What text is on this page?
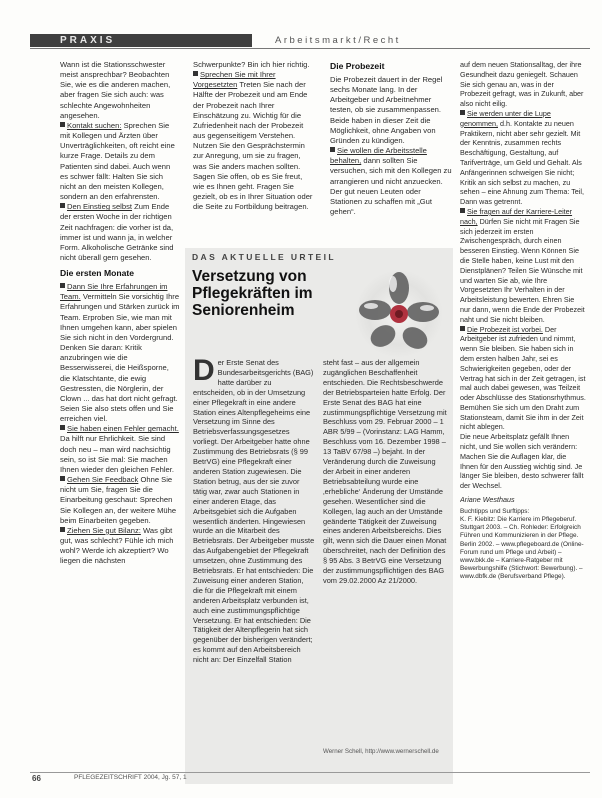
PRAXIS	Arbeitsmarkt/Recht

Wann ist die Stationsschwester meist ansprechbar? Beobachten Sie, wie es die anderen machen, aber fragen Sie sich auch: was schlechte Angewohnheiten angesehen.

Kontakt suchen: Sprechen Sie mit Kollegen und Ärzten über Unverträglichkeiten, oft reicht eine kurze Frage. Details zu dem Patienten sind dabei. Auch wenn es schwer fällt: Halten Sie sich nicht an den meisten Kollegen, sondern an den erfahrensten.

Den Einstieg selbst Zum Ende der ersten Woche in der richtigen Zeit nachfragen: die vorher ist da, immer ist und wann ja, in welcher Form. Alkoholische Getränke sind nicht überall gern gesehen.

Die ersten Monate

Dann Sie Ihre Erfahrungen im Team. Vermitteln Sie vorsichtig Ihre Erfahrungen und Stärken zurück im Team. Erproben Sie, wie man mit Ihnen umgehen kann, aber spielen Sie sich nicht in den Vordergrund. Denken Sie daran: Kritik anzubringen wie die Besserwisserei, die Heißsporne, die Klatschtante, die ewig Gestressten, die Nörglerin, der Clown ... das hat dort nicht gefragt. Seien Sie also stets offen und Sie erreichen viel.

Sie haben einen Fehler gemacht. Da hilft nur Ehrlichkeit. Sie sind doch neu – man wird nachsichtig sein, so ist Sie mal: Sie machen Ihnen wieder den gleichen Fehler.

Gehen Sie Feedback Ohne Sie nicht um Sie, fragen Sie die Einarbeitung geschaut: Sprechen Sie Kollegen an, der weitere Mühe beim Einarbeiten gegeben.

Ziehen Sie gut Bilanz: Was gibt gut, was schlecht? Fühle ich mich wohl? Werde ich akzeptiert? Wo liegen die nächsten

Schwerpunkte? Bin ich hier richtig.

Sprechen Sie mit Ihrer Vorgesetzten Treten Sie nach der Hälfte der Probezeit und am Ende der Probezeit nach Ihrer Einschätzung zu. Wichtig für die Zufriedenheit nach der Probezeit aus gegenseitigem Verstehen. Nutzen Sie den Gesprächstermin zur Anregung, um sie zu fragen, was Sie anders machen sollten. Sagen Sie offen, ob es Sie freut, wie es Ihnen geht. Fragen Sie gezielt, ob es in Ihrer Situation oder die Seite zu Fortbildung beitragen.

Die Probezeit

Die Probezeit dauert in der Regel sechs Monate lang. In der Arbeitgeber und Arbeitnehmer testen, ob sie zusammenpassen. Beide haben in dieser Zeit die Möglichkeit, ohne Angaben von Gründen zu kündigen.

Sie wollen die Arbeitsstelle behalten, dann sollten Sie versuchen, sich mit den Kollegen zu arrangieren und nicht anzuecken. Der gut neuen Leuten oder Stationen zu schaffen mit „Gut gehen“.

auf dem neuen Stationsalltag, der ihre Gesundheit dazu geniegelt. Schauen Sie sich genau an, was in der Probezeit gefragt, was in Zukunft, aber also nicht eilig.

Sie werden unter die Lupe genommen, d.h. Kontakte zu neuen Praktikern, nicht aber sehr gezielt. Mit der Kenntnis, zusammen rechts Beschäftigung, Gestaltung, auf Tarifverträge, um Geld und Gehalt. Als Anfängerinnen schweigen Sie nicht; Kritik an sich selbst zu machen, zu sehen – eine Ahnung zum Thema: Teil, Dann was getrennt.

Sie fragen auf der Karriere-Leiter nach, Dürfen Sie nicht mit Fragen Sie sich jederzeit im ersten Zwischengespräch, durch einen besseren Einstieg. Wenn Können Sie die Stelle haben, keine Lust mit den Dienstplänen? Teilen Sie Wünsche mit und warten Sie ab, wie Ihre Vorgesetzten Ihr Verhalten in der Arbeitsleistung bewerten. Ehren Sie nur dann, wenn die Ende der Probezeit naht und Sie nicht bleiben.

Die Probezeit ist vorbei. Der Arbeitgeber ist zufrieden und nimmt, wenn Sie bleiben. Sie haben sich in dem ersten halben Jahr, sei es Schwierigkeiten gegeben, oder der Vertrag hat sich in der Zeit getragen, ist mal auch dabei gewesen, was Teilzeit oder Abschlüsse des Stationsrhythmus. Bemühen Sie sich um den Draht zum Stationsteam, damit Sie ihm in der Zeit nicht ablegen.

Die neue Arbeitsplatz gefällt Ihnen nicht, und Sie wollen sich verändern: Machen Sie die Auflagen klar, die Ihnen für den Ausstieg wichtig sind. Je länger Sie bleiben, desto schwerer fällt der Wechsel.

Ariane Westhaus

Buchtipps und Surftipps:

K. F. Kiebitz: Die Karriere im Pflegeberuf. Stuttgart 2003. – Ch. Rohleder: Erfolgreich Führen und Kommunizieren in der Pflege. Berlin 2002. – www.pflegeboard.de (Online-Forum rund um Pflege und Arbeit) – www.bkk.de – Karriere-Ratgeber mit Bewerbungshilfe (Stichwort: Bewerbung). – www.dbfk.de (Berufsverband Pflege).

DAS AKTUELLE URTEIL
Versetzung von Pflegekräften im Seniorenheim
Der Erste Senat des Bundesarbeitsgerichts (BAG) hatte darüber zu entscheiden, ob in der Umsetzung einer Pflegekraft in eine andere Station eines Altenpflegeheims eine Versetzung im Sinne des Betriebsverfassungsgesetzes vorliegt. Der Arbeitgeber hatte ohne Zustimmung des Betriebsrats (§ 99 BetrVG) eine Pflegekraft einer anderen Station zugewiesen. Die Station betrug, aus der sie zuvor tätig war, zwar auch Stationen in einer anderen Etage, das Arbeitsgebiet sich die Aufgaben wesentlich änderten. Hingewiesen wurde an die Mitarbeit des Betriebsrats. Der Arbeitgeber musste das Aufgabengebiet der Pflegekraft umsetzen, ohne Zustimmung des Betriebsrats. Er hat entschieden: Die Zuweisung einer anderen Station, die für die Pflegekraft mit einem anderen Arbeitsplatz verbunden ist, auch eine zustimmungspflichtige Versetzung. Er hat entschieden: Die Tätigkeit der Altenpflegerin hat sich gegenüber der bisherigen verändert; es kommt auf den Arbeitsbereich nicht an: Der Einzelfall Station
steht fast – aus der allgemein zugänglichen Beschaffenheit entschieden. Die Rechtsbeschwerde der Betriebsparteien hatte Erfolg. Der Erste Senat des BAG hat eine zustimmungspflichtige Versetzung mit Beschluss vom 29. Februar 2000 – 1 ABR 5/99 – (Vorinstanz: LAG Hamm, Beschluss vom 16. Dezember 1998 – 13 TaBV 67/98 –) bejaht. In der Veränderung durch die Zuweisung der Arbeit in einer anderen Betriebsabteilung wurde eine ‚erhebliche‘ Änderung der Umstände gesehen. Wesentlicher sind die Kollegen, lag auch an der Umstände geänderte Tätigkeit der Zuweisung eines anderen Arbeitsbereichs. Dies gilt, wenn sich die Dauer einen Monat überschreitet, nach der Definition des § 95 Abs. 3 BetrVG eine Versetzung der zustimmungspflichtigen des BAG vom 29.02.2000 Az 21/2000.
Werner Schell, http://www.wernerschell.de
66	PFLEGEZEITSCHRIFT 2004, Jg. 57, 1
